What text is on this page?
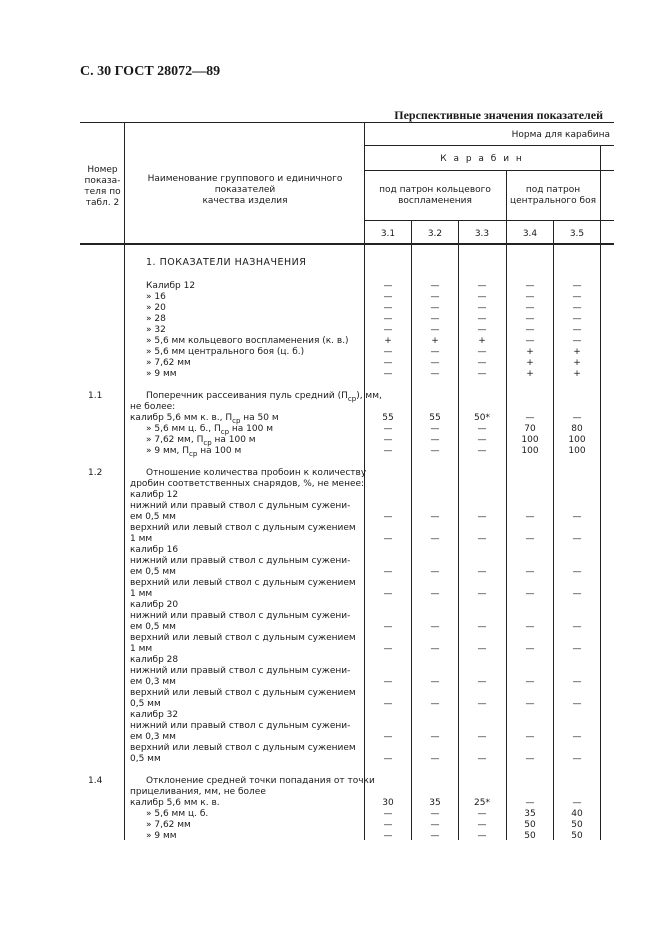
С. 30 ГОСТ 28072—89
Перспективные значения показателей
Номер
показа-
теля по
табл. 2
Наименование группового и единичного показателей
качества изделия
Норма для карабина
К а р а б и н
под патрон кольцевого
воспламенения
под патрон
центрального боя
3.1	3.2	3.3	3.4	3.5
1. ПОКАЗАТЕЛИ НАЗНАЧЕНИЯ
Калибр 12	—	—	—	—	—
» 16	—	—	—	—	—
» 20	—	—	—	—	—
» 28	—	—	—	—	—
» 32	—	—	—	—	—
» 5,6 мм кольцевого воспламенения (к. в.)	+	+	+	—	—
» 5,6 мм центрального боя (ц. б.)	—	—	—	+	+
» 7,62 мм	—	—	—	+	+
» 9 мм	—	—	—	+	+
1.1	Поперечник рассеивания пуль средний $(П_{ср})$, мм,
не более:
калибр 5,6 мм к. в., $П_{ср}$ на 50 м	55	55	50*	—	—
» 5,6 мм ц. б., $П_{ср}$ на 100 м	—	—	—	70	80
» 7,62 мм, $П_{ср}$ на 100 м	—	—	—	100	100
» 9 мм, $П_{ср}$ на 100 м	—	—	—	100	100
1.2	Отношение количества пробоин к количеству
дробин соответственных снарядов, %, не менее:
калибр 12
нижний или правый ствол с дульным сужени-
ем 0,5 мм	—	—	—	—	—
верхний или левый ствол с дульным сужением
1 мм	—	—	—	—	—
калибр 16
нижний или правый ствол с дульным сужени-
ем 0,5 мм	—	—	—	—	—
верхний или левый ствол с дульным сужением
1 мм	—	—	—	—	—
калибр 20
нижний или правый ствол с дульным сужени-
ем 0,5 мм	—	—	—	—	—
верхний или левый ствол с дульным сужением
1 мм	—	—	—	—	—
калибр 28
нижний или правый ствол с дульным сужени-
ем 0,3 мм	—	—	—	—	—
верхний или левый ствол с дульным сужением
0,5 мм	—	—	—	—	—
калибр 32
нижний или правый ствол с дульным сужени-
ем 0,3 мм	—	—	—	—	—
верхний или левый ствол с дульным сужением
0,5 мм	—	—	—	—	—
1.4	Отклонение средней точки попадания от точки
прицеливания, мм, не более
калибр 5,6 мм к. в.	30	35	25*	—	—
» 5,6 мм ц. б.	—	—	—	35	40
» 7,62 мм	—	—	—	50	50
» 9 мм	—	—	—	50	50
